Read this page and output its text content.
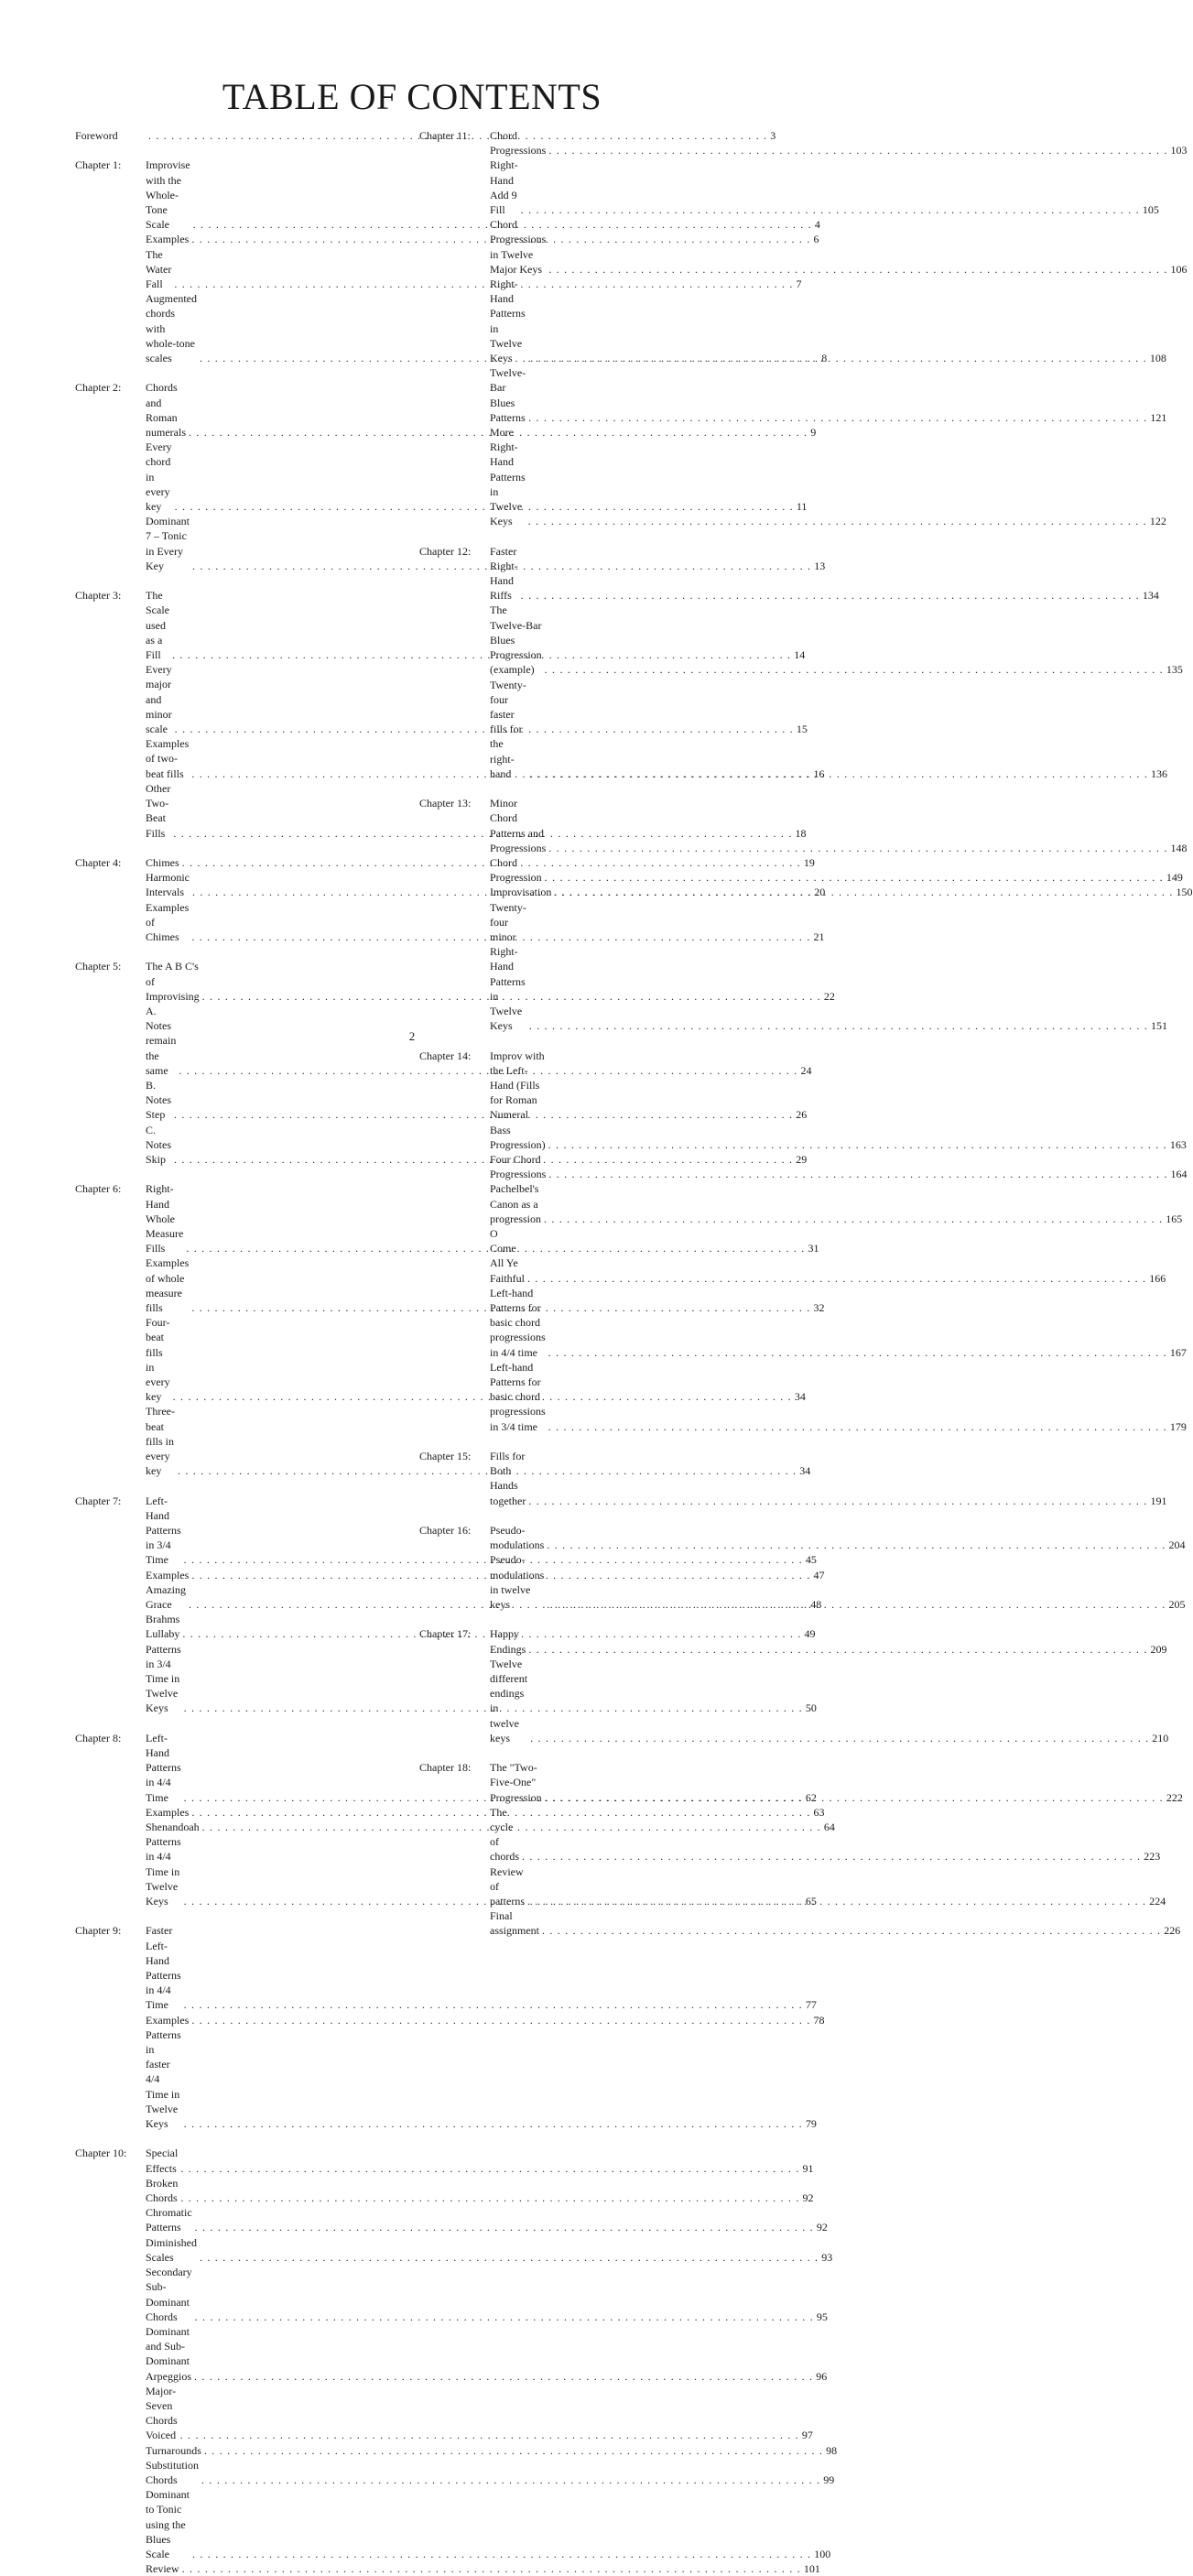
TABLE OF CONTENTS
Foreword . . .	3
Chapter 1:	Improvise with the Whole-Tone Scale . . .	4
Examples . . .	6
The Water Fall . . .	7
Augmented chords with whole-tone scales . . .	8
Chapter 2:	Chords and Roman numerals . . .	9
Every chord in every key . . .	11
Dominant 7 – Tonic in Every Key . . .	13
Chapter 3:	The Scale used as a Fill . . .	14
Every major and minor scale . . .	15
Examples of two-beat fills . . .	16
Other Two-Beat Fills . . .	18
Chapter 4:	Chimes . . .	19
Harmonic Intervals . . .	20
Examples of Chimes . . .	21
Chapter 5:	The A B C's of Improvising . . .	22
A. Notes remain the same . . .	24
B. Notes Step . . .	26
C. Notes Skip . . .	29
Chapter 6:	Right-Hand Whole Measure Fills . . .	31
Examples of whole measure fills . . .	32
Four-beat fills in every key . . .	34
Three-beat fills in every key . . .	34
Chapter 7:	Left-Hand Patterns in 3/4 Time . . .	45
Examples . . .	47
Amazing Grace . . .	48
Brahms Lullaby . . .	49
Patterns in 3/4 Time in Twelve Keys . . .	50
Chapter 8:	Left-Hand Patterns in 4/4 Time . . .	62
Examples . . .	63
Shenandoah . . .	64
Patterns in 4/4 Time in Twelve Keys . . .	65
Chapter 9:	Faster Left-Hand Patterns in 4/4 Time . . .	77
Examples . . .	78
Patterns in faster 4/4 Time in Twelve Keys . . .	79
Chapter 10:	Special Effects . . .	91
Broken Chords . . .	92
Chromatic Patterns . . .	92
Diminished Scales . . .	93
Secondary Sub-Dominant Chords . . .	95
Dominant and Sub-Dominant Arpeggios . . .	96
Major-Seven Chords Voiced . . .	97
Turnarounds . . .	98
Substitution Chords . . .	99
Dominant to Tonic using the Blues Scale . . .	100
Review . . .	101
Chapter 11:	Chord Progressions . . .	103
Right-Hand Add 9 Fill . . .	105
Chord Progressions in Twelve Major Keys . . .	106
Right-Hand Patterns in Twelve Keys . . .	108
Twelve-Bar Blues Patterns . . .	121
More Right-Hand Patterns in Twelve Keys . . .	122
Chapter 12:	Faster Right-Hand Riffs . . .	134
The Twelve-Bar Blues Progression (example) . . .	135
Twenty-four faster fills for the right-hand . . .	136
Chapter 13:	Minor Chord Patterns and Progressions . . .	148
Chord Progression . . .	149
Improvisation . . .	150
Twenty-four minor Right-Hand Patterns
in Twelve Keys . . .	151
Chapter 14:	Improv with the Left-Hand (Fills for Roman
Numeral Bass Progression) . . .	163
Four Chord Progressions . . .	164
Pachelbel's Canon as a progression . . .	165
O Come All Ye Faithful . . .	166
Left-hand Patterns for basic chord
progressions in 4/4 time . . .	167
Left-hand Patterns for basic chord
progressions in 3/4 time . . .	179
Chapter 15:	Fills for Both Hands together . . .	191
Chapter 16:	Pseudo-modulations . . .	204
Pseudo-modulations in twelve keys . . .	205
Chapter 17:	Happy Endings . . .	209
Twelve different endings in twelve keys . . .	210
Chapter 18:	The "Two-Five-One" Progression . . .	222
The cycle of chords . . .	223
Review of patterns . . .	224
Final assignment . . .	226
2
